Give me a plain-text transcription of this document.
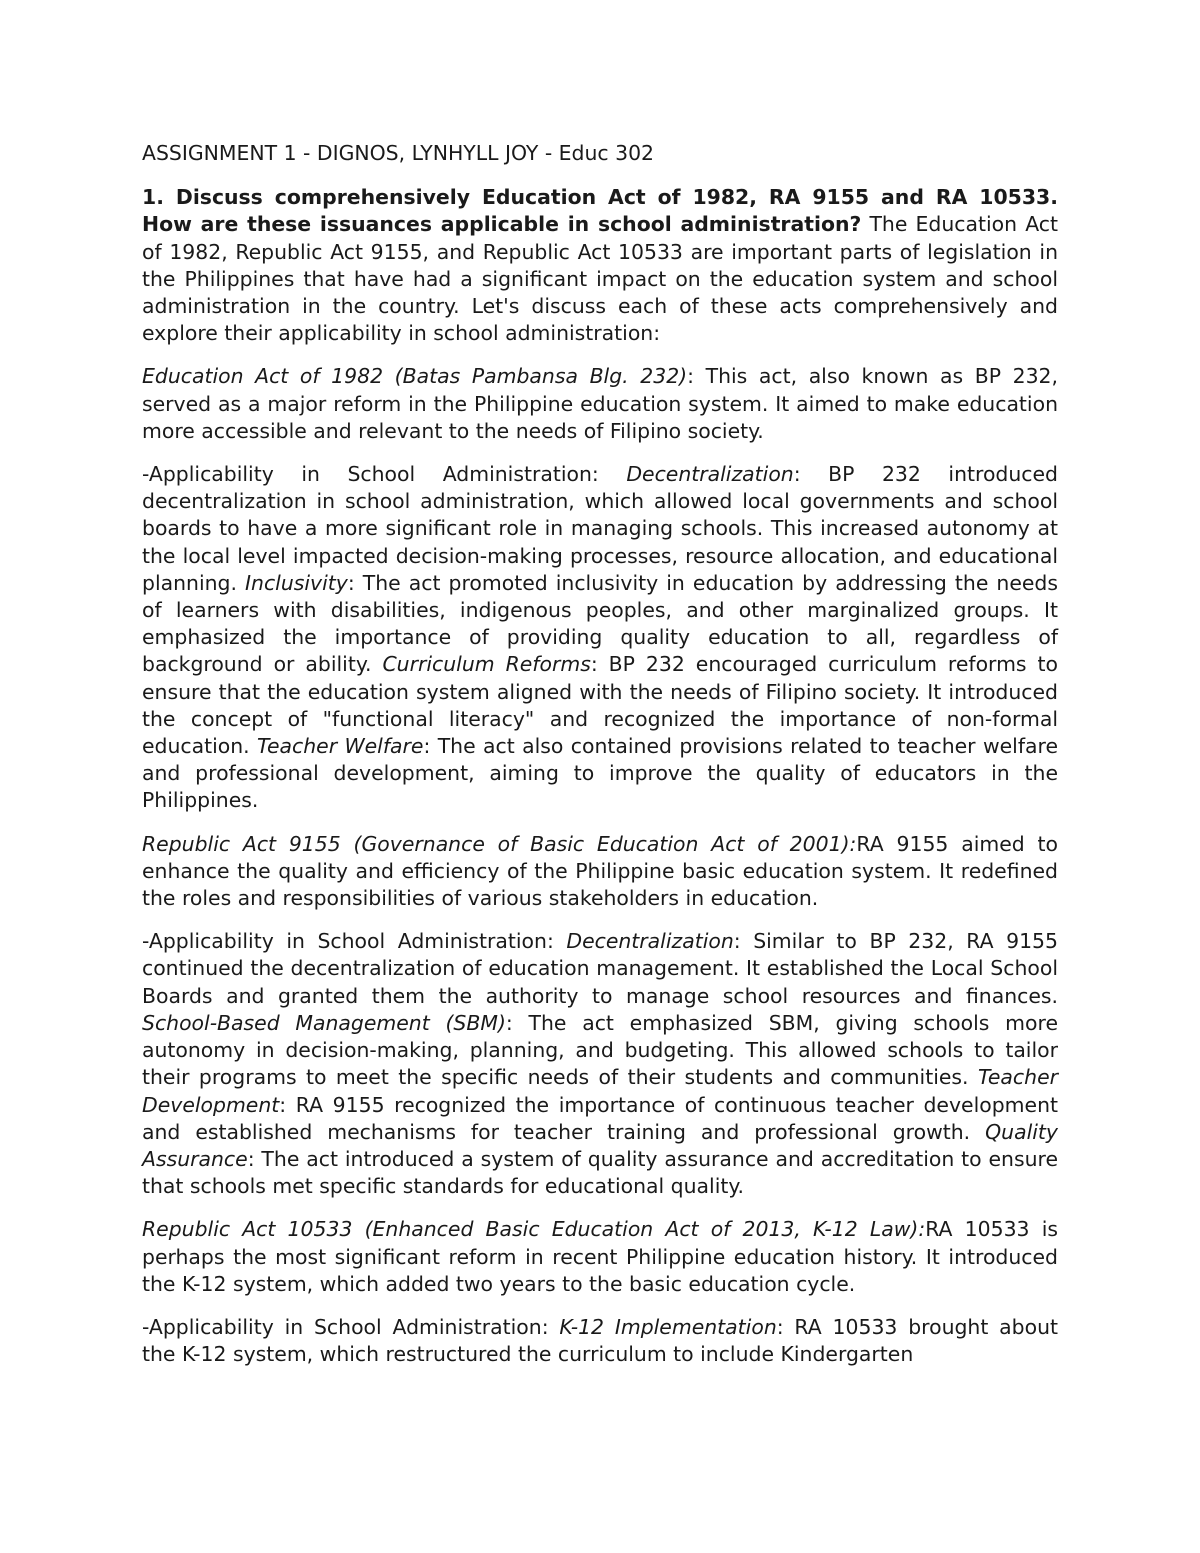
ASSIGNMENT 1 - DIGNOS, LYNHYLL JOY - Educ 302

1. Discuss comprehensively Education Act of 1982, RA 9155 and RA 10533. How are these issuances applicable in school administration? The Education Act of 1982, Republic Act 9155, and Republic Act 10533 are important parts of legislation in the Philippines that have had a significant impact on the education system and school administration in the country. Let's discuss each of these acts comprehensively and explore their applicability in school administration:

Education Act of 1982 (Batas Pambansa Blg. 232): This act, also known as BP 232, served as a major reform in the Philippine education system. It aimed to make education more accessible and relevant to the needs of Filipino society.

-Applicability in School Administration: Decentralization: BP 232 introduced decentralization in school administration, which allowed local governments and school boards to have a more significant role in managing schools. This increased autonomy at the local level impacted decision-making processes, resource allocation, and educational planning. Inclusivity: The act promoted inclusivity in education by addressing the needs of learners with disabilities, indigenous peoples, and other marginalized groups. It emphasized the importance of providing quality education to all, regardless of background or ability. Curriculum Reforms: BP 232 encouraged curriculum reforms to ensure that the education system aligned with the needs of Filipino society. It introduced the concept of "functional literacy" and recognized the importance of non-formal education. Teacher Welfare: The act also contained provisions related to teacher welfare and professional development, aiming to improve the quality of educators in the Philippines.

Republic Act 9155 (Governance of Basic Education Act of 2001):RA 9155 aimed to enhance the quality and efficiency of the Philippine basic education system. It redefined the roles and responsibilities of various stakeholders in education.

-Applicability in School Administration: Decentralization: Similar to BP 232, RA 9155 continued the decentralization of education management. It established the Local School Boards and granted them the authority to manage school resources and finances. School-Based Management (SBM): The act emphasized SBM, giving schools more autonomy in decision-making, planning, and budgeting. This allowed schools to tailor their programs to meet the specific needs of their students and communities. Teacher Development: RA 9155 recognized the importance of continuous teacher development and established mechanisms for teacher training and professional growth. Quality Assurance: The act introduced a system of quality assurance and accreditation to ensure that schools met specific standards for educational quality.

Republic Act 10533 (Enhanced Basic Education Act of 2013, K-12 Law):RA 10533 is perhaps the most significant reform in recent Philippine education history. It introduced the K-12 system, which added two years to the basic education cycle.

-Applicability in School Administration: K-12 Implementation: RA 10533 brought about the K-12 system, which restructured the curriculum to include Kindergarten
